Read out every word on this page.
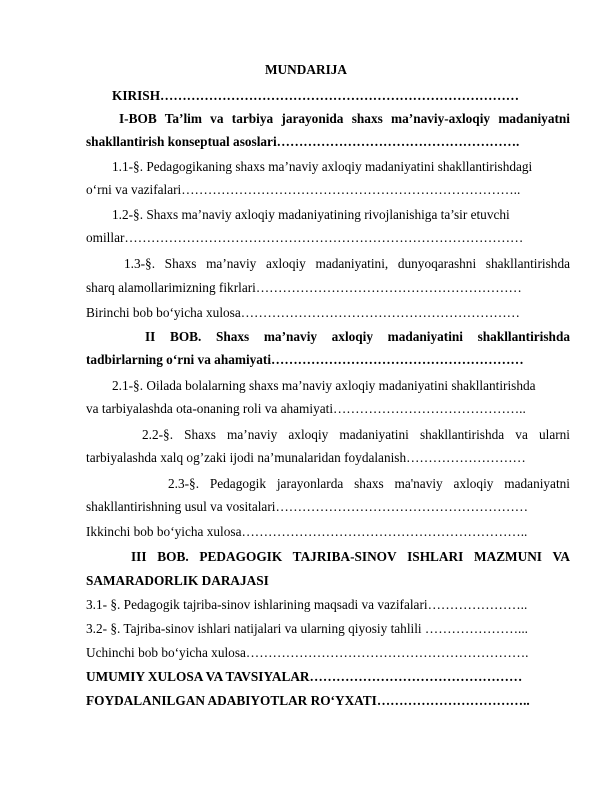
MUNDARIJA
KIRISH………………………………………………………………………
I-BOB Ta’lim va tarbiya jarayonida shaxs ma’naviy-axloqiy madaniyatni
shakllantirish konseptual asoslari……………………………………………….
1.1-§. Pedagogikaning shaxs ma’naviy axloqiy madaniyatini shakllantirishdagi
o‘rni va vazifalari…………………………………………………………………..
1.2-§. Shaxs ma’naviy axloqiy madaniyatining rivojlanishiga ta’sir etuvchi
omillar………………………………………………………………………………
1.3-§. Shaxs ma’naviy axloqiy madaniyatini, dunyoqarashni shakllantirishda
sharq alamollarimizning fikrlari……………………………………………………
Birinchi bob bo‘yicha xulosa………………………………………………………
II BOB. Shaxs ma’naviy axloqiy madaniyatini shakllantirishda
tadbirlarning o‘rni va ahamiyati…………………………………………………
2.1-§. Oilada bolalarning shaxs ma’naviy axloqiy madaniyatini shakllantirishda
va tarbiyalashda ota-onaning roli va ahamiyati……………………………………..
2.2-§. Shaxs ma’naviy axloqiy madaniyatini shakllantirishda va ularni
tarbiyalashda xalq og’zaki ijodi na’munalaridan foydalanish………………………
2.3-§. Pedagogik jarayonlarda shaxs ma'naviy axloqiy madaniyatni
shakllantirishning usul va vositalari…………………………………………………
Ikkinchi bob bo‘yicha xulosa………………………………………………………..
III BOB. PEDAGOGIK TAJRIBA-SINOV ISHLARI MAZMUNI VA
SAMARADORLIK DARAJASI
3.1- §. Pedagogik tajriba-sinov ishlarining maqsadi va vazifalari…………………..
3.2- §. Tajriba-sinov ishlari natijalari va ularning qiyosiy tahlili …………………...
Uchinchi bob bo‘yicha xulosa……………………………………………………….
UMUMIY XULOSA VA TAVSIYALAR…………………………………………
FOYDALANILGAN ADABIYOTLAR RO‘YXATI……………………………..
